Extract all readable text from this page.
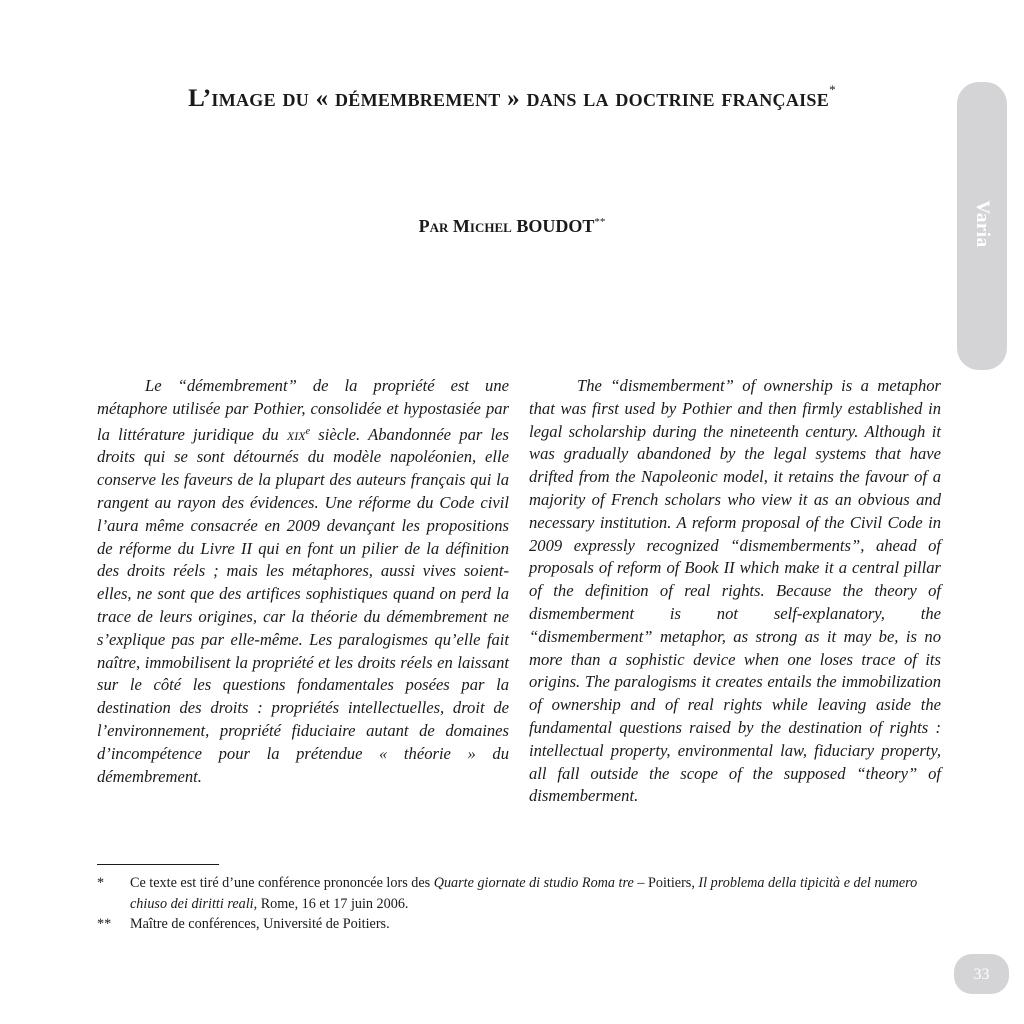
L’image du « démembrement » dans la doctrine française*
Par Michel BOUDOT**	Varia

Le “démembrement” de la propriété est une métaphore utilisée par Pothier, consolidée et hypostasiée par la littérature juridique du xix$^e$ siècle. Abandonnée par les droits qui se sont détournés du modèle napoléonien, elle conserve les faveurs de la plupart des auteurs français qui la rangent au rayon des évidences. Une réforme du Code civil l’aura même consacrée en 2009 devançant les propositions de réforme du Livre II qui en font un pilier de la définition des droits réels ; mais les métaphores, aussi vives soient-elles, ne sont que des artifices sophistiques quand on perd la trace de leurs origines, car la théorie du démembrement ne s’explique pas par elle-même. Les paralogismes qu’elle fait naître, immobilisent la propriété et les droits réels en laissant sur le côté les questions fondamentales posées par la destination des droits : propriétés intellectuelles, droit de l’environnement, propriété fiduciaire autant de domaines d’incompétence pour la prétendue « théorie » du démembrement.

The “dismemberment” of ownership is a metaphor that was first used by Pothier and then firmly established in legal scholarship during the nineteenth century. Although it was gradually abandoned by the legal systems that have drifted from the Napoleonic model, it retains the favour of a majority of French scholars who view it as an obvious and necessary institution. A reform proposal of the Civil Code in 2009 expressly recognized “dismemberments”, ahead of proposals of reform of Book II which make it a central pillar of the definition of real rights. Because the theory of dismemberment is not self-explanatory, the “dismemberment” metaphor, as strong as it may be, is no more than a sophistic device when one loses trace of its origins. The paralogisms it creates entails the immobilization of ownership and of real rights while leaving aside the fundamental questions raised by the destination of rights : intellectual property, environmental law, fiduciary property, all fall outside the scope of the supposed “theory” of dismemberment.

* Ce texte est tiré d’une conférence prononcée lors des Quarte giornate di studio Roma tre – Poitiers, Il problema della tipicità e del numero chiuso dei diritti reali, Rome, 16 et 17 juin 2006.
** Maître de conférences, Université de Poitiers.
33
